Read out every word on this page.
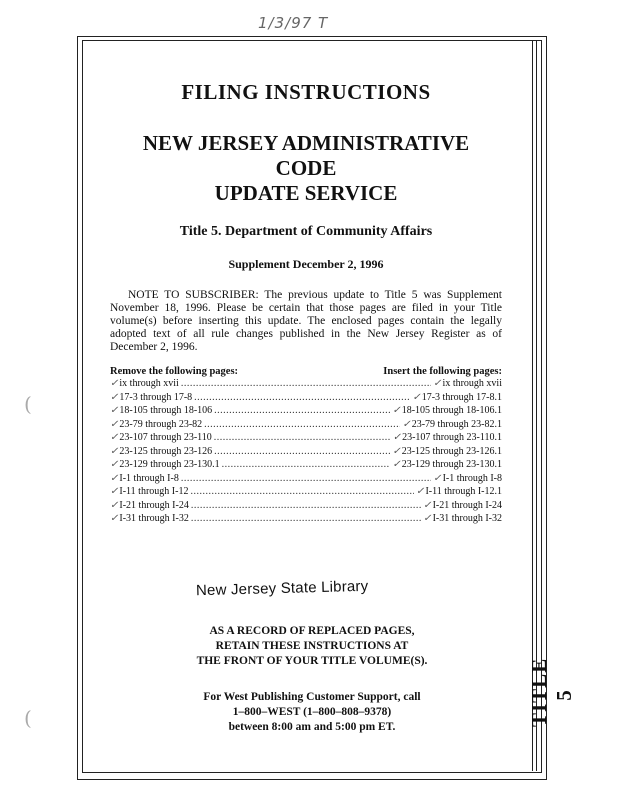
1/3/97 T
(
(	TITLE 5

FILING INSTRUCTIONS

NEW JERSEY ADMINISTRATIVE CODE

UPDATE SERVICE

Title 5. Department of Community Affairs

Supplement December 2, 1996

NOTE TO SUBSCRIBER: The previous update to Title 5 was Supplement November 18, 1996. Please be certain that those pages are filed in your Title volume(s) before inserting this update. The enclosed pages contain the legally adopted text of all rule changes published in the New Jersey Register as of December 2, 1996.

Remove the following pages:	Insert the following pages:
✓ ix through xvii .....	✓ ix through xvii
✓ 17-3 through 17-8 .....	✓ 17-3 through 17-8.1
✓ 18-105 through 18-106 .....	✓ 18-105 through 18-106.1
✓ 23-79 through 23-82 .....	✓ 23-79 through 23-82.1
✓ 23-107 through 23-110 .....	✓ 23-107 through 23-110.1
✓ 23-125 through 23-126 .....	✓ 23-125 through 23-126.1
✓ 23-129 through 23-130.1 .....	✓ 23-129 through 23-130.1
✓ I-1 through I-8 .....	✓ I-1 through I-8
✓ I-11 through I-12 .....	✓ I-11 through I-12.1
✓ I-21 through I-24 .....	✓ I-21 through I-24
✓ I-31 through I-32 .....	✓ I-31 through I-32
New Jersey State Library
AS A RECORD OF REPLACED PAGES,
RETAIN THESE INSTRUCTIONS AT
THE FRONT OF YOUR TITLE VOLUME(S).
For West Publishing Customer Support, call
1–800–WEST (1–800–808–9378)
between 8:00 am and 5:00 pm ET.
